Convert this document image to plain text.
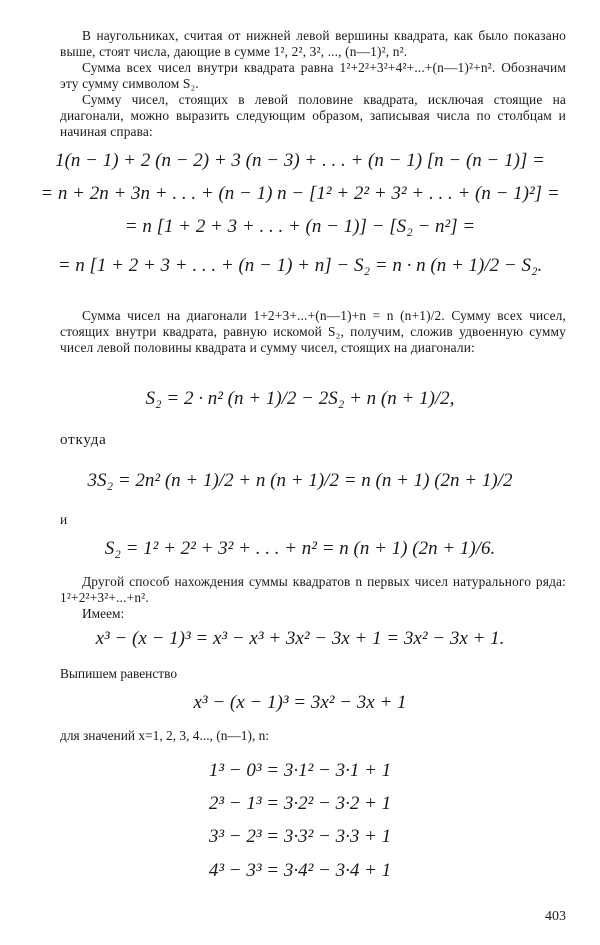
В наугольниках, считая от нижней левой вершины квадрата, как было показано выше, стоят числа, дающие в сумме 1², 2², 3², ..., (n—1)², n².
Сумма всех чисел внутри квадрата равна 1²+2²+3²+4²+...+(n—1)²+n². Обозначим эту сумму символом S₂.
Сумму чисел, стоящих в левой половине квадрата, исключая стоящие на диагонали, можно выразить следующим образом, записывая числа по столбцам и начиная справа:
1(n − 1) + 2 (n − 2) + 3 (n − 3) + . . . + (n − 1) [n − (n − 1)] =
= n + 2n + 3n + . . . + (n − 1) n − [1² + 2² + 3² + . . . + (n − 1)²] =
= n [1 + 2 + 3 + . . . + (n − 1)] − [S₂ − n²] =
= n [1 + 2 + 3 + . . . + (n − 1) + n] − S₂ = n · n (n + 1)/2 − S₂.
Сумма чисел на диагонали 1+2+3+...+(n—1)+n = n (n+1)/2. Сумму всех чисел, стоящих внутри квадрата, равную искомой S₂, получим, сложив удвоенную сумму чисел левой половины квадрата и сумму чисел, стоящих на диагонали:
S₂ = 2 · n² (n + 1)/2 − 2S₂ + n (n + 1)/2,
откуда
3S₂ = 2n² (n + 1)/2 + n (n + 1)/2 = n (n + 1) (2n + 1)/2
и
S₂ = 1² + 2² + 3² + . . . + n² = n (n + 1) (2n + 1)/6.
Другой способ нахождения суммы квадратов n первых чисел натурального ряда: 1²+2²+3²+...+n².
Имеем:
x³ − (x − 1)³ = x³ − x³ + 3x² − 3x + 1 = 3x² − 3x + 1.
Выпишем равенство
x³ − (x − 1)³ = 3x² − 3x + 1
для значений x=1, 2, 3, 4..., (n—1), n:
1³ − 0³ = 3·1² − 3·1 + 1
2³ − 1³ = 3·2² − 3·2 + 1
3³ − 2³ = 3·3² − 3·3 + 1
4³ − 3³ = 3·4² − 3·4 + 1
403
